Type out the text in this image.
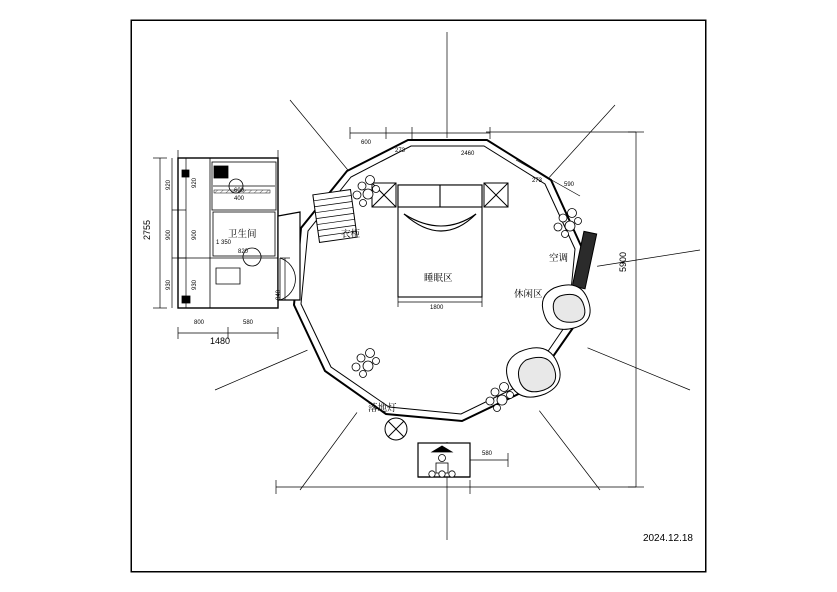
卫生间	衣柜
空调
睡眠区
休闲区
落地灯
5900
2755
1480
800	580
920
900
930
920
900
930
600
273	2460
273
590
1800
580
940
1 350
820
600
400
2024.12.18
